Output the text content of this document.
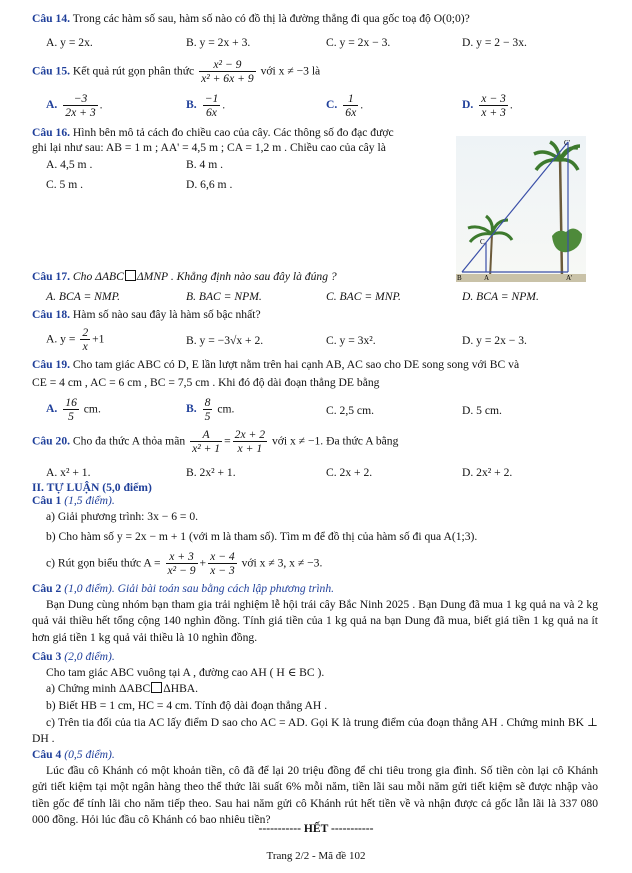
Câu 14. Trong các hàm số sau, hàm số nào có đồ thị là đường thẳng đi qua gốc toạ độ O(0;0)?
A. y = 2x.	B. y = 2x + 3.	C. y = 2x − 3.	D. y = 2 − 3x.
Câu 15. Kết quả rút gọn phân thức $\frac{\text{x² − 9}}{\text{x² + 6x + 9}}$ với x ≠ −3 là
A. $\frac{-3}{2x + 3}$ .	B. $\frac{-1}{6x}$ .	C. $\frac{1}{6x}$ .	D. $\frac{x - 3}{x + 3}$ .
Câu 16. Hình bên mô tả cách đo chiều cao của cây. Các thông số đo đạc được
ghi lại như sau: AB = 1 m ; AA' = 4,5 m ; CA = 1,2 m . Chiều cao của cây là
A. 4,5 m .	B. 4 m .
C. 5 m .	D. 6,6 m .
C'
C
B	A	A'
Câu 17. Cho ΔABC ΔMNP . Khẳng định nào sau đây là đúng ?
A. BCA = NMP.	B. BAC = NPM.	C. BAC = MNP.	D. BCA = NPM.
Câu 18. Hàm số nào sau đây là hàm số bậc nhất?
A. $y = \frac{2}{x} +1$	B. y = −3√x + 2.	C. y = 3x².	D. y = 2x − 3.
Câu 19. Cho tam giác ABC có D, E lần lượt nằm trên hai cạnh AB, AC sao cho DE song song với BC và
CE = 4 cm , AC = 6 cm , BC = 7,5 cm . Khi đó độ dài đoạn thẳng DE bằng
A. $\frac{16}{5}$ cm.	B. $\frac{8}{5}$ cm.	C. 2,5 cm.	D. 5 cm.
Câu 20. Cho đa thức A thỏa mãn $\frac{A}{\text{x² + 1}} = \frac{2x + 2}{x + 1}$ với x ≠ −1. Đa thức A bằng
A. x² + 1.	B. 2x² + 1.	C. 2x + 2.	D. 2x² + 2.
II. TỰ LUẬN (5,0 điểm)
Câu 1 (1,5 điểm).
a) Giải phương trình: 3x − 6 = 0.
b) Cho hàm số y = 2x − m + 1 (với m là tham số). Tìm m để đồ thị của hàm số đi qua A(1;3).
c) Rút gọn biểu thức $A = \frac{x + 3}{\text{x² − 9}} + \frac{x - 4}{x - 3}$ với x ≠ 3, x ≠ −3.
Câu 2 (1,0 điểm). Giải bài toán sau bằng cách lập phương trình.
Bạn Dung cùng nhóm bạn tham gia trải nghiệm lễ hội trái cây Bắc Ninh 2025 . Bạn Dung đã mua 1 kg quả na và 2 kg quả vải thiều hết tổng cộng 140 nghìn đồng. Tính giá tiền của 1 kg quả na bạn Dung đã mua, biết giá tiền 1 kg quả na ít hơn giá tiền 1 kg quả vải thiều là 10 nghìn đồng.
Câu 3 (2,0 điểm).
Cho tam giác ABC vuông tại A , đường cao AH ( H ∈ BC ).
a) Chứng minh ΔABC ΔHBA.
b) Biết HB = 1 cm, HC = 4 cm. Tính độ dài đoạn thẳng AH .
c) Trên tia đối của tia AC lấy điểm D sao cho AC = AD. Gọi K là trung điểm của đoạn thẳng AH . Chứng minh BK ⊥ DH .
Câu 4 (0,5 điểm).
Lúc đầu cô Khánh có một khoản tiền, cô đã để lại 20 triệu đồng để chi tiêu trong gia đình. Số tiền còn lại cô Khánh gửi tiết kiệm tại một ngân hàng theo thể thức lãi suất 6% mỗi năm, tiền lãi sau mỗi năm gửi tiết kiệm sẽ được nhập vào tiền gốc để tính lãi cho năm tiếp theo. Sau hai năm gửi cô Khánh rút hết tiền về và nhận được cả gốc lẫn lãi là 337 080 000 đồng. Hỏi lúc đầu cô Khánh có bao nhiêu tiền?
----------- HẾT -----------
Trang 2/2 - Mã đề 102
